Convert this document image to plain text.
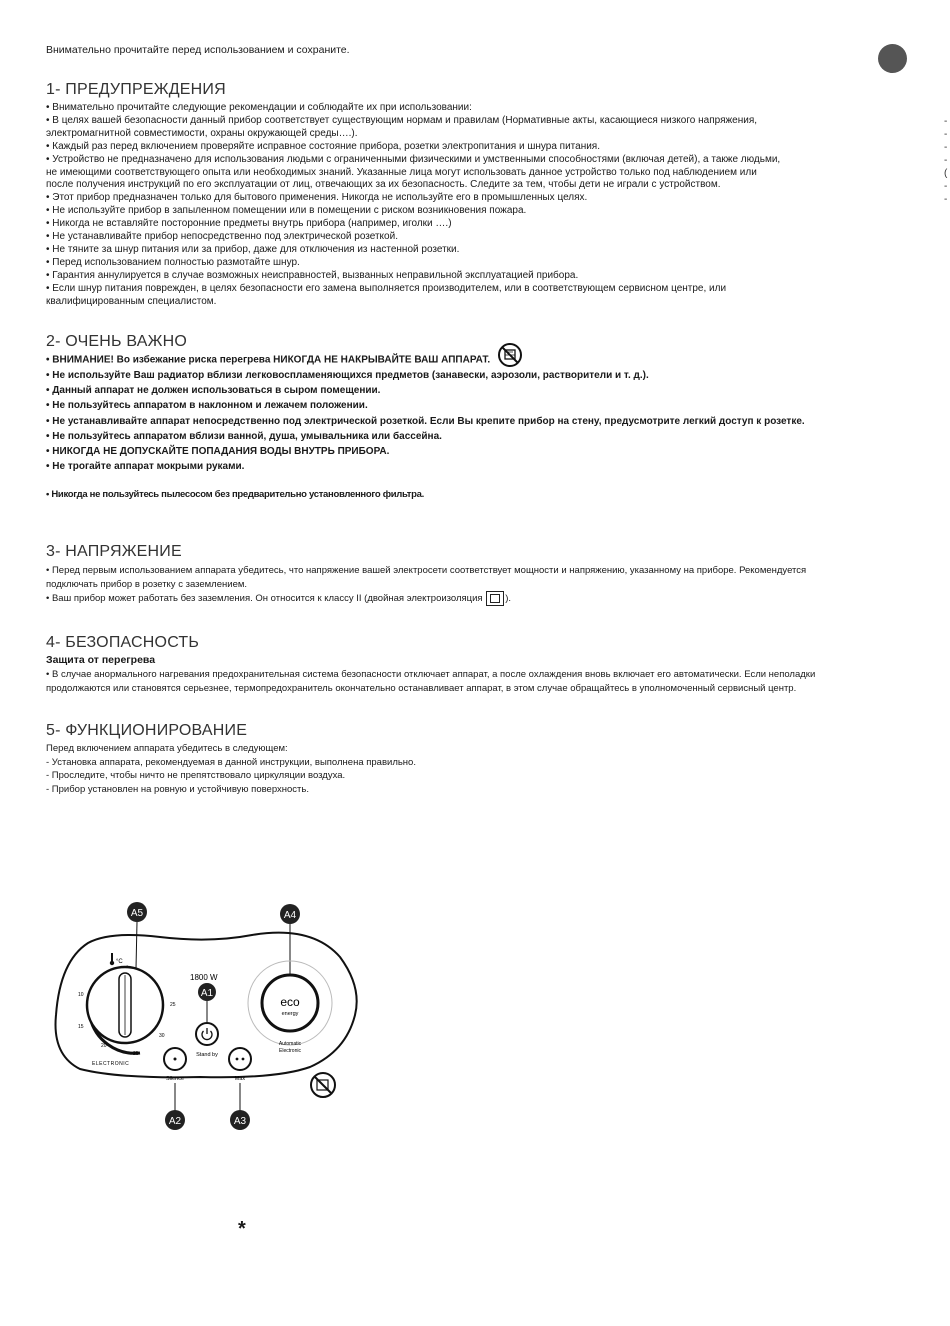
Внимательно прочитайте перед использованием и сохраните.
1- ПРЕДУПРЕЖДЕНИЯ
• Внимательно прочитайте следующие рекомендации и соблюдайте их при использовании:
• В целях вашей безопасности данный прибор соответствует существующим нормам и правилам (Нормативные акты, касающиеся низкого напряжения,
электромагнитной совместимости, охраны окружающей среды….).
• Каждый раз перед включением проверяйте исправное состояние прибора, розетки электропитания и шнура питания.
• Устройство не предназначено для использования людьми с ограниченными физическими и умственными способностями (включая детей), а также людьми,
не имеющими соответствующего опыта или необходимых знаний. Указанные лица могут использовать данное устройство только под наблюдением или
после получения инструкций по его эксплуатации от лиц, отвечающих за их безопасность. Следите за тем, чтобы дети не играли с устройством.
• Этот прибор предназначен только для бытового применения. Никогда не используйте его в промышленных целях.
• Не используйте прибор в запыленном помещении или в помещении с риском возникновения пожара.
• Никогда не вставляйте посторонние предметы внутрь прибора (например, иголки ….)
• Не устанавливайте прибор непосредственно под электрической розеткой.
• Не тяните за шнур питания или за прибор, даже для отключения из настенной розетки.
• Перед использованием полностью размотайте шнур.
• Гарантия аннулируется в случае возможных неисправностей, вызванных неправильной эксплуатацией прибора.
• Если шнур питания поврежден, в целях безопасности его замена выполняется производителем, или в соответствующем сервисном центре, или
квалифицированным специалистом.
2- ОЧЕНЬ ВАЖНО
• ВНИМАНИЕ! Во избежание риска перегрева НИКОГДА НЕ НАКРЫВАЙТЕ ВАШ АППАРАТ.
• Не используйте Ваш радиатор вблизи легковоспламеняющихся предметов (занавески, аэрозоли, растворители и т. д.).
• Данный аппарат не должен использоваться в сыром помещении.
• Не пользуйтесь аппаратом в наклонном и лежачем положении.
• Не устанавливайте аппарат непосредственно под электрической розеткой. Если Вы крепите прибор на стену, предусмотрите легкий доступ к розетке.
• Не пользуйтесь аппаратом вблизи ванной, душа, умывальника или бассейна.
• НИКОГДА НЕ ДОПУСКАЙТЕ ПОПАДАНИЯ ВОДЫ ВНУТРЬ ПРИБОРА.
• Не трогайте аппарат мокрыми руками.
• Никогда не пользуйтесь пылесосом без предварительно установленного фильтра.
3- НАПРЯЖЕНИЕ
• Перед первым использованием аппарата убедитесь, что напряжение вашей электросети соответствует мощности и напряжению, указанному на приборе. Рекомендуется
подключать прибор в розетку с заземлением.
• Ваш прибор может работать без заземления. Он относится к классу II (двойная электроизоляция ).
4- БЕЗОПАСНОСТЬ
Защита от перегрева
• В случае анормального нагревания предохранительная система безопасности отключает аппарат, а после охлаждения вновь включает его автоматически. Если неполадки
продолжаются или становятся серьезнее, термопредохранитель окончательно останавливает аппарат, в этом случае обращайтесь в уполномоченный сервисный центр.
5- ФУНКЦИОНИРОВАНИЕ
Перед включением аппарата убедитесь в следующем:
- Установка аппарата, рекомендуемая в данной инструкции, выполнена правильно.
- Проследите, чтобы ничто не препятствовало циркуляции воздуха.
- Прибор установлен на ровную и устойчивую поверхность.
A5	A4
°C
10
15
20
25
30
25
ELECTRONIC
1800 W
A1
Stand by
Silence	Max
A2	A3
eco
energy
Automatic
Electronic
*
-
-
-
-
(
-
-
